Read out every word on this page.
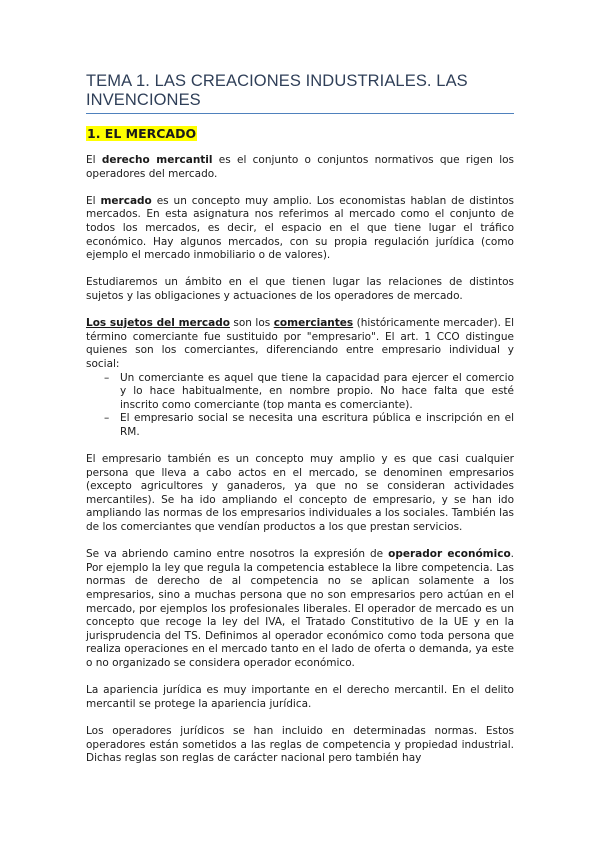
TEMA 1. LAS CREACIONES INDUSTRIALES. LAS INVENCIONES
1. EL MERCADO

El derecho mercantil es el conjunto o conjuntos normativos que rigen los operadores del mercado.

El mercado es un concepto muy amplio. Los economistas hablan de distintos mercados. En esta asignatura nos referimos al mercado como el conjunto de todos los mercados, es decir, el espacio en el que tiene lugar el tráfico económico. Hay algunos mercados, con su propia regulación jurídica (como ejemplo el mercado inmobiliario o de valores).

Estudiaremos un ámbito en el que tienen lugar las relaciones de distintos sujetos y las obligaciones y actuaciones de los operadores de mercado.

Los sujetos del mercado son los comerciantes (históricamente mercader). El término comerciante fue sustituido por "empresario". El art. 1 CCO distingue quienes son los comerciantes, diferenciando entre empresario individual y social:

– Un comerciante es aquel que tiene la capacidad para ejercer el comercio y lo hace habitualmente, en nombre propio. No hace falta que esté inscrito como comerciante (top manta es comerciante).
– El empresario social se necesita una escritura pública e inscripción en el RM.

El empresario también es un concepto muy amplio y es que casi cualquier persona que lleva a cabo actos en el mercado, se denominen empresarios (excepto agricultores y ganaderos, ya que no se consideran actividades mercantiles). Se ha ido ampliando el concepto de empresario, y se han ido ampliando las normas de los empresarios individuales a los sociales. También las de los comerciantes que vendían productos a los que prestan servicios.

Se va abriendo camino entre nosotros la expresión de operador económico. Por ejemplo la ley que regula la competencia establece la libre competencia. Las normas de derecho de al competencia no se aplican solamente a los empresarios, sino a muchas persona que no son empresarios pero actúan en el mercado, por ejemplos los profesionales liberales. El operador de mercado es un concepto que recoge la ley del IVA, el Tratado Constitutivo de la UE y en la jurisprudencia del TS. Definimos al operador económico como toda persona que realiza operaciones en el mercado tanto en el lado de oferta o demanda, ya este o no organizado se considera operador económico.

La apariencia jurídica es muy importante en el derecho mercantil. En el delito mercantil se protege la apariencia jurídica.

Los operadores jurídicos se han incluido en determinadas normas. Estos operadores están sometidos a las reglas de competencia y propiedad industrial. Dichas reglas son reglas de carácter nacional pero también hay
